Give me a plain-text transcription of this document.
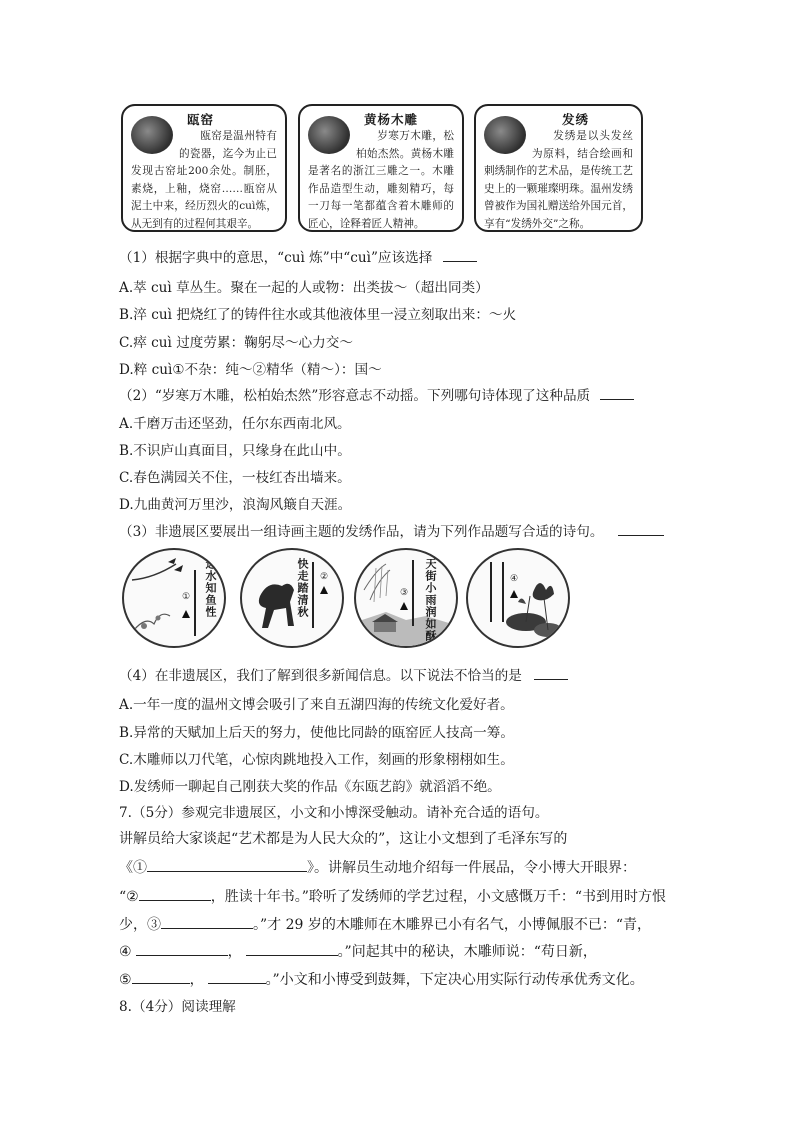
瓯窑
瓯窑是温州特有的瓷器，迄今为止已发现古窑址200余处。制胚，素烧，上釉，烧窑……瓯窑从泥土中来，经历烈火的cuì炼，从无到有的过程何其艰辛。
黄杨木雕
岁寒万木雕，松柏始杰然。黄杨木雕是著名的浙江三雕之一。木雕作品造型生动，雕刻精巧，每一刀每一笔都蕴含着木雕师的匠心，诠释着匠人精神。
发绣
发绣是以头发丝为原料，结合绘画和刺绣制作的艺术品，是传统工艺史上的一颗璀璨明珠。温州发绣曾被作为国礼赠送给外国元首，享有“发绣外交”之称。
（1）根据字典中的意思，“cuì 炼”中“cuì”应该选择
A.萃 cuì 草丛生。聚在一起的人或物：出类拔～（超出同类）
B.淬 cuì 把烧红了的铸件往水或其他液体里一浸立刻取出来：～火
C.瘁 cuì 过度劳累：鞠躬尽～心力交～
D.粹 cuì①不杂：纯～②精华（精～）：国～
（2）“岁寒万木雕，松柏始杰然”形容意志不动摇。下列哪句诗体现了这种品质
A.千磨万击还坚劲，任尔东西南北风。
B.不识庐山真面目，只缘身在此山中。
C.春色满园关不住，一枝红杏出墙来。
D.九曲黄河万里沙，浪淘风簸自天涯。
（3）非遗展区要展出一组诗画主题的发绣作品，请为下列作品题写合适的诗句。
近水知鱼性
①	快走踏清秋 ②	天街小雨润如酥
③
④
（4）在非遗展区，我们了解到很多新闻信息。以下说法不恰当的是
A.一年一度的温州文博会吸引了来自五湖四海的传统文化爱好者。
B.异常的天赋加上后天的努力，使他比同龄的瓯窑匠人技高一筹。
C.木雕师以刀代笔，心惊肉跳地投入工作，刻画的形象栩栩如生。
D.发绣师一聊起自己刚获大奖的作品《东瓯艺韵》就滔滔不绝。
7.（5分）参观完非遗展区，小文和小博深受触动。请补充合适的语句。
讲解员给大家谈起“艺术都是为人民大众的”，这让小文想到了毛泽东写的
《①	》。讲解员生动地介绍每一件展品，令小博大开眼界：
“②	，胜读十年书。”聆听了发绣师的学艺过程，小文感慨万千：“书到用时方恨
少，③	。”才 29 岁的木雕师在木雕界已小有名气，小博佩服不已：“青，
④	，	。”问起其中的秘诀，木雕师说：“苟日新，
⑤	，	。”小文和小博受到鼓舞，下定决心用实际行动传承优秀文化。
8.（4分）阅读理解
